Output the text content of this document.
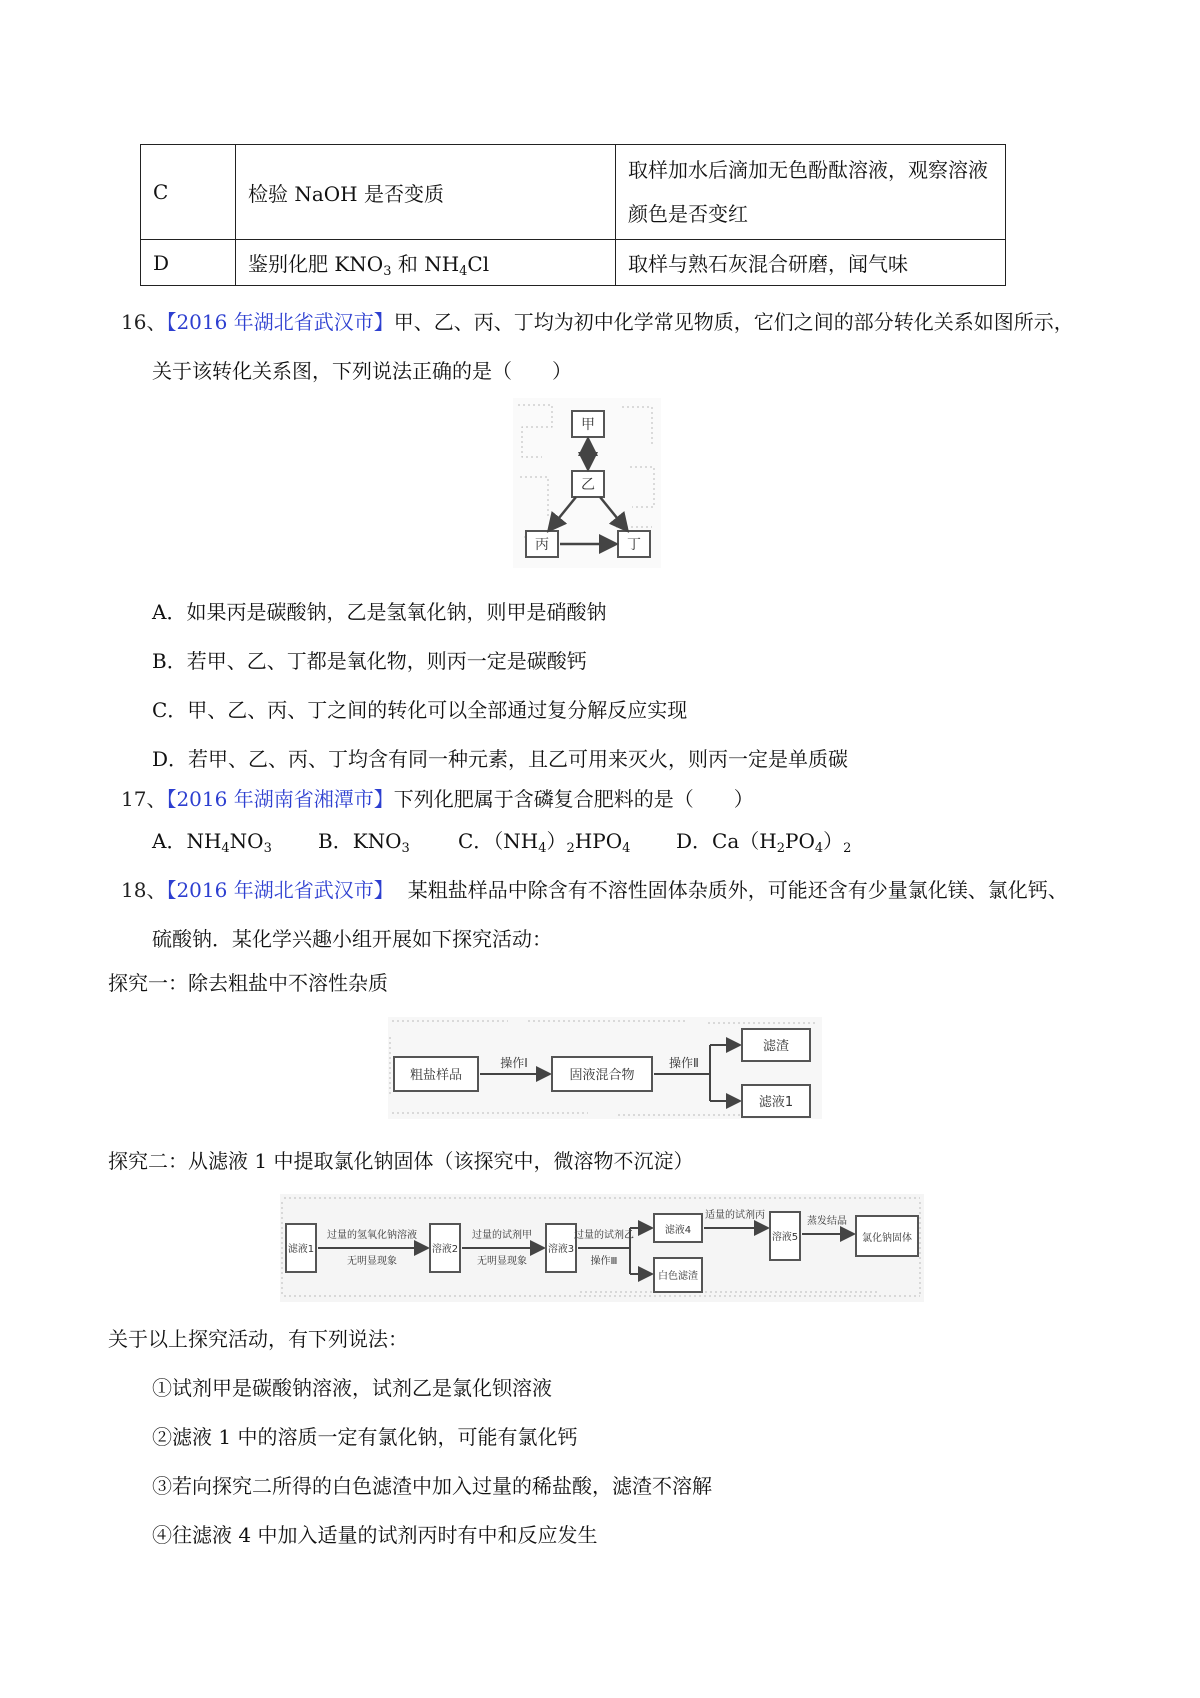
C	检验 NaOH 是否变质	取样加水后滴加无色酚酞溶液，观察溶液
颜色是否变红

D	鉴别化肥 $KNO_3$ 和 $NH_4Cl$	取样与熟石灰混合研磨，闻气味
16、【2016 年湖北省武汉市】甲、乙、丙、丁均为初中化学常见物质，它们之间的部分转化关系如图所示，
关于该转化关系图，下列说法正确的是（　　）
甲
乙
丙	丁
A．如果丙是碳酸钠，乙是氢氧化钠，则甲是硝酸钠
B．若甲、乙、丁都是氧化物，则丙一定是碳酸钙
C．甲、乙、丙、丁之间的转化可以全部通过复分解反应实现
D．若甲、乙、丙、丁均含有同一种元素，且乙可用来灭火，则丙一定是单质碳
17、【2016 年湖南省湘潭市】下列化肥属于含磷复合肥料的是（　　）
A．$NH_4NO_3$ B．$KNO_3$ C．$(NH_4)_2HPO_4$ D．$Ca(H_2PO_4)_2$
18、【2016 年湖北省武汉市】 某粗盐样品中除含有不溶性固体杂质外，可能还含有少量氯化镁、氯化钙、
硫酸钠．某化学兴趣小组开展如下探究活动：
探究一：除去粗盐中不溶性杂质
粗盐样品
操作Ⅰ
固液混合物
操作Ⅱ
滤渣
滤液1
探究二：从滤液 1 中提取氯化钠固体（该探究中，微溶物不沉淀）
滤液1
过量的氢氧化钠溶液
无明显现象
溶液2
过量的试剂甲
无明显现象
溶液3
过量的试剂乙
操作Ⅲ
滤液4
白色滤渣
适量的试剂丙
溶液5
蒸发结晶
氯化钠固体
关于以上探究活动，有下列说法：
①试剂甲是碳酸钠溶液，试剂乙是氯化钡溶液
②滤液 1 中的溶质一定有氯化钠，可能有氯化钙
③若向探究二所得的白色滤渣中加入过量的稀盐酸，滤渣不溶解
④往滤液 4 中加入适量的试剂丙时有中和反应发生
